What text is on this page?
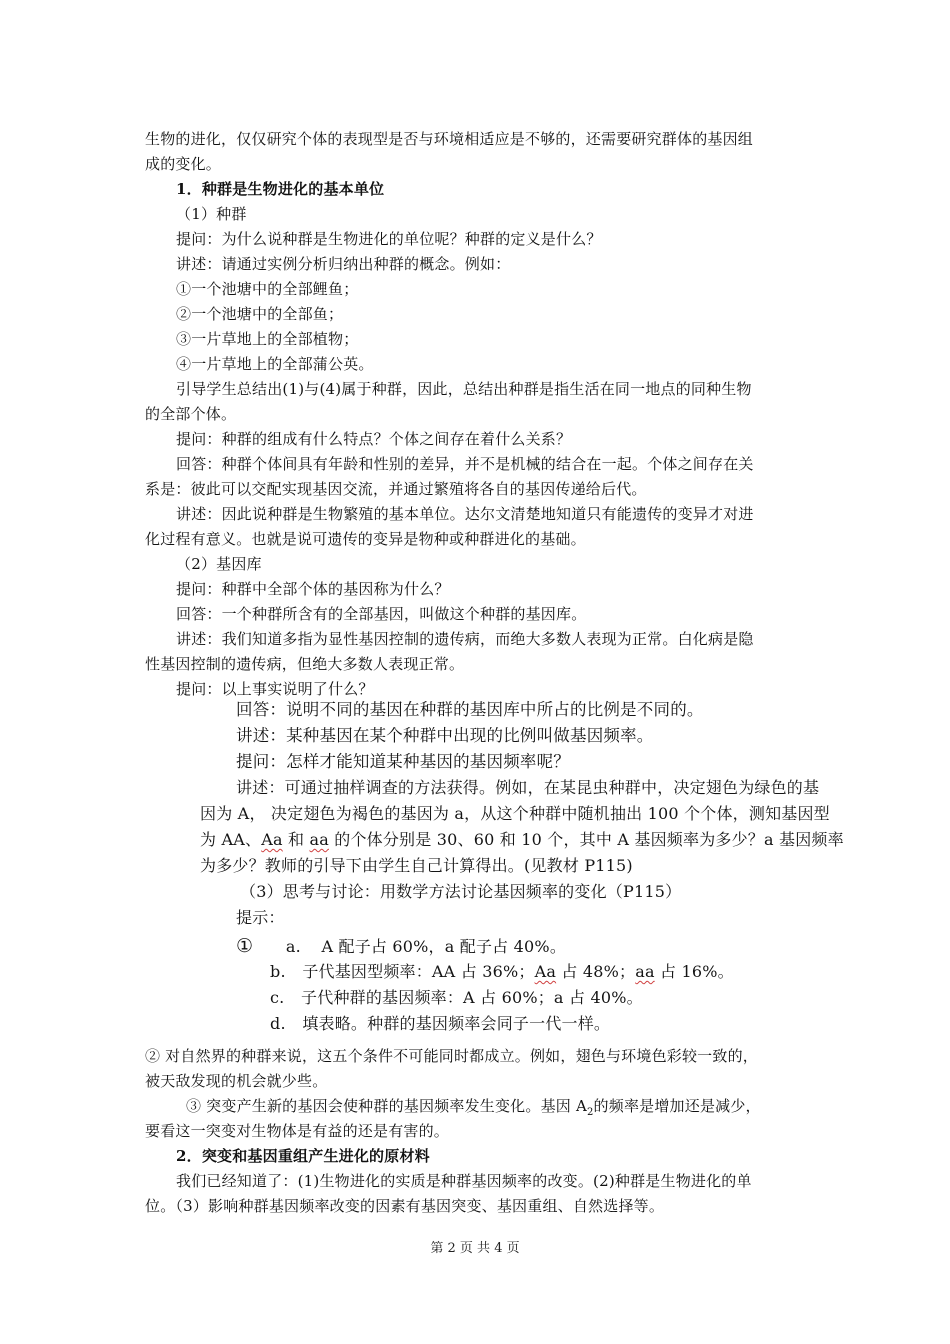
生物的进化，仅仅研究个体的表现型是否与环境相适应是不够的，还需要研究群体的基因组
成的变化。
1．种群是生物进化的基本单位
（1）种群
提问：为什么说种群是生物进化的单位呢？种群的定义是什么？
讲述：请通过实例分析归纳出种群的概念。例如：
①一个池塘中的全部鲤鱼；
②一个池塘中的全部鱼；
③一片草地上的全部植物；
④一片草地上的全部蒲公英。
引导学生总结出(1)与(4)属于种群，因此，总结出种群是指生活在同一地点的同种生物
的全部个体。
提问：种群的组成有什么特点？个体之间存在着什么关系？
回答：种群个体间具有年龄和性别的差异，并不是机械的结合在一起。个体之间存在关
系是：彼此可以交配实现基因交流，并通过繁殖将各自的基因传递给后代。
讲述：因此说种群是生物繁殖的基本单位。达尔文清楚地知道只有能遗传的变异才对进
化过程有意义。也就是说可遗传的变异是物种或种群进化的基础。
（2）基因库
提问：种群中全部个体的基因称为什么？
回答：一个种群所含有的全部基因，叫做这个种群的基因库。
讲述：我们知道多指为显性基因控制的遗传病，而绝大多数人表现为正常。白化病是隐
性基因控制的遗传病，但绝大多数人表现正常。
提问：以上事实说明了什么？
回答：说明不同的基因在种群的基因库中所占的比例是不同的。
讲述：某种基因在某个种群中出现的比例叫做基因频率。
提问：怎样才能知道某种基因的基因频率呢？
讲述：可通过抽样调查的方法获得。例如，在某昆虫种群中，决定翅色为绿色的基
因为 A， 决定翅色为褐色的基因为 a，从这个种群中随机抽出 100 个个体，测知基因型
为 AA、Aa 和 aa 的个体分别是 30、60 和 10 个，其中 A 基因频率为多少？a 基因频率
为多少？教师的引导下由学生自己计算得出。(见教材 P115)
（3）思考与讨论：用数学方法讨论基因频率的变化（P115）
提示：
① a. A 配子占 60%，a 配子占 40%。
b. 子代基因型频率：AA 占 36%；Aa 占 48%；aa 占 16%。
c. 子代种群的基因频率：A 占 60%；a 占 40%。
d. 填表略。种群的基因频率会同子一代一样。
② 对自然界的种群来说，这五个条件不可能同时都成立。例如，翅色与环境色彩较一致的，
被天敌发现的机会就少些。
③ 突变产生新的基因会使种群的基因频率发生变化。基因 $A_2$的频率是增加还是减少，
要看这一突变对生物体是有益的还是有害的。
2．突变和基因重组产生进化的原材料
我们已经知道了：(1)生物进化的实质是种群基因频率的改变。(2)种群是生物进化的单
位。（3）影响种群基因频率改变的因素有基因突变、基因重组、自然选择等。
第 2 页 共 4 页
